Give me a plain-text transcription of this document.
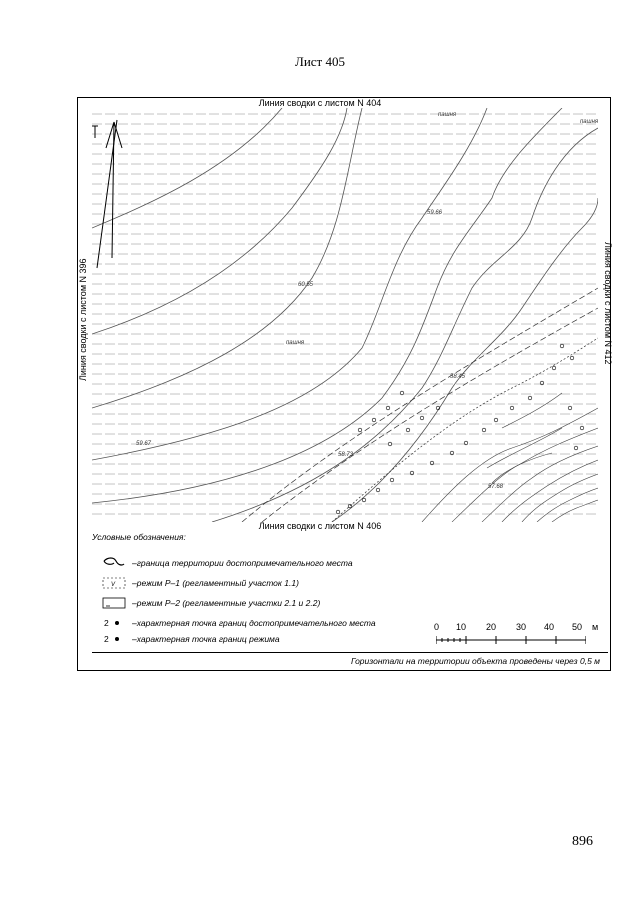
Лист 405
Линия сводки с листом N 404
Линия сводки с листом N 406
Линия сводки с листом N 396	Линия сводки с листом N 412
пашня
пашня
пашня
59.66
60.55
59.67
58.45
58.73
57.68
Условные обозначения:
–граница территории достопримечательного места
V –режим Р–1 (регламентный участок 1.1)
–режим Р–2 (регламентные участки 2.1 и 2.2)
2	–характерная точка границ достопримечательного места
2	–характерная точка границ режима
0 10 20 30 40 50 м
Горизонтали на территории объекта проведены через 0,5 м
896
